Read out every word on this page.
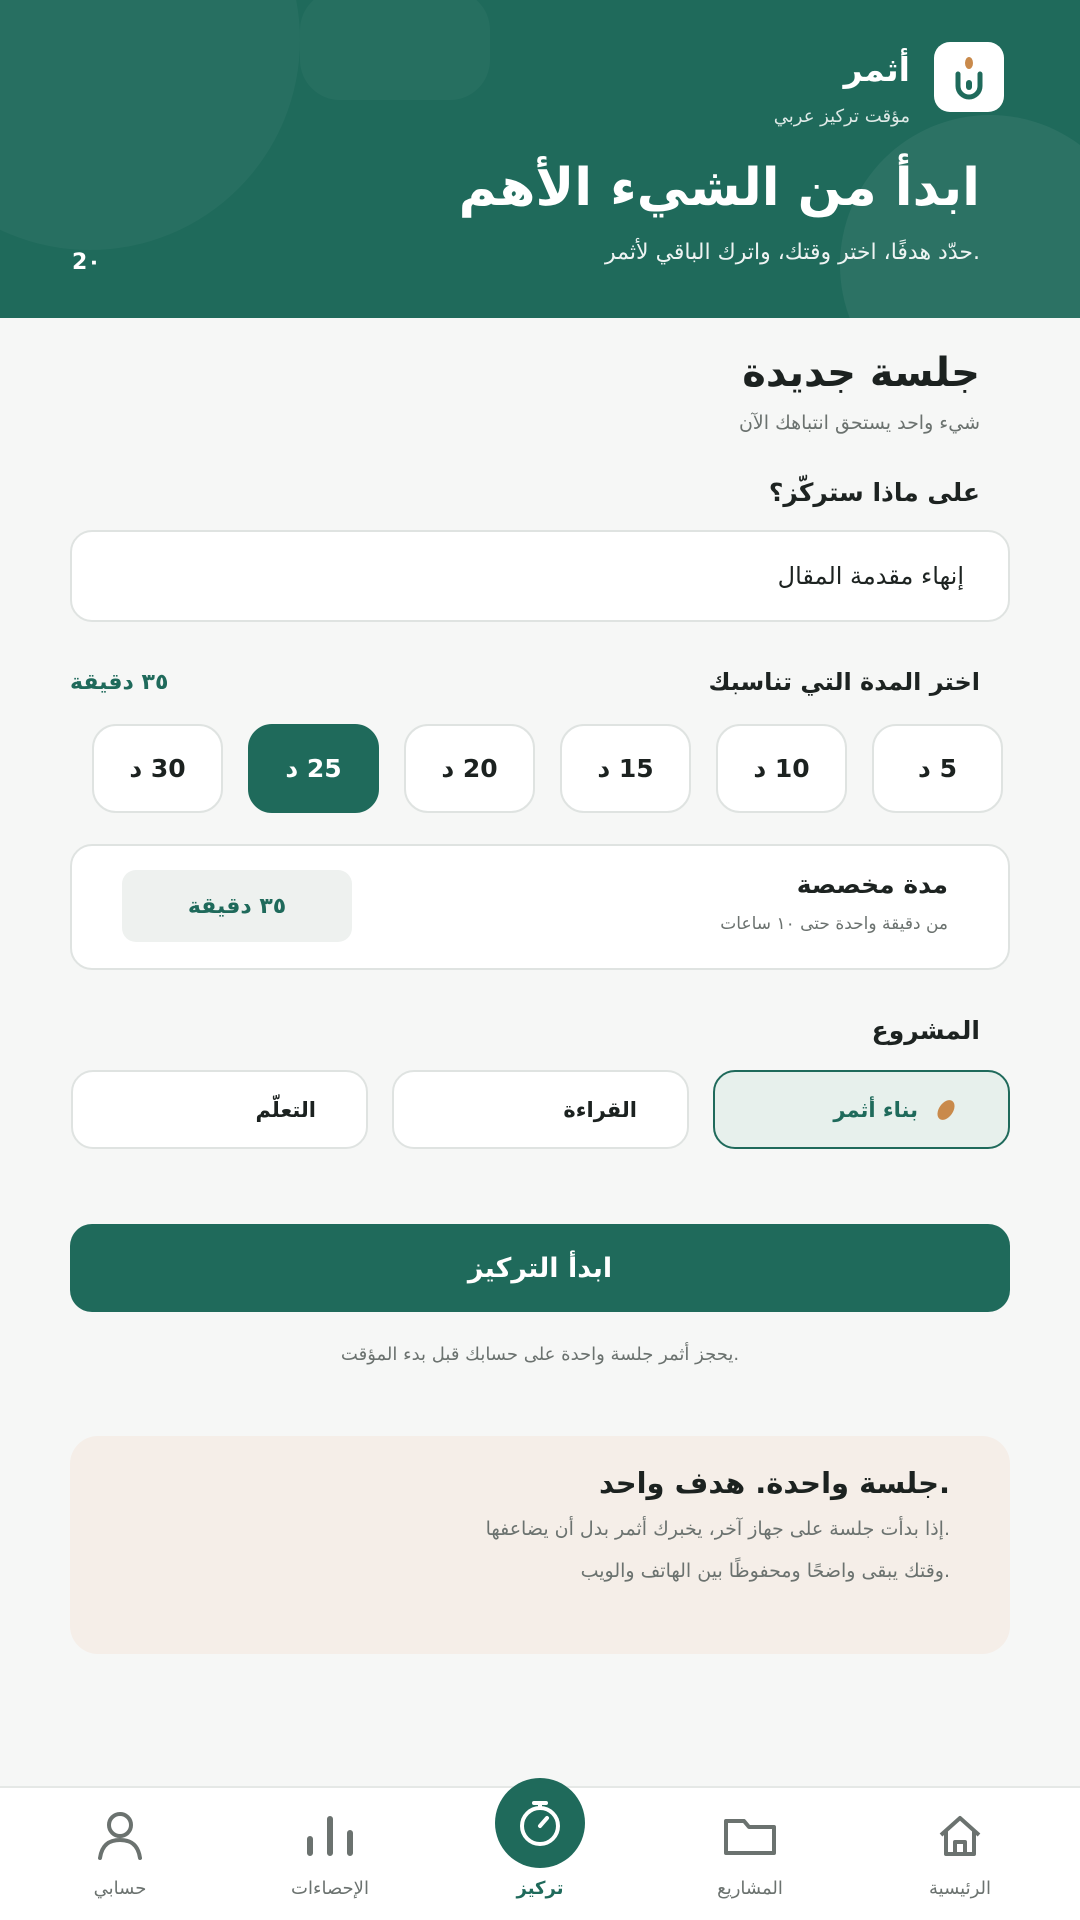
أثمر
مؤقت تركيز عربي
ابدأ من الشيء الأهم
.حدّد هدفًا، اختر وقتك، واترك الباقي لأثمر
2٠
جلسة جديدة
شيء واحد يستحق انتباهك الآن
على ماذا ستركّز؟
إنهاء مقدمة المقال
اختر المدة التي تناسبك
٣٥ دقيقة
5 د
10 د
15 د
20 د
25 د
30 د
مدة مخصصة
من دقيقة واحدة حتى ١٠ ساعات
٣٥ دقيقة
المشروع
بناء أثمر
القراءة
التعلّم
ابدأ التركيز
.يحجز أثمر جلسة واحدة على حسابك قبل بدء المؤقت
.جلسة واحدة. هدف واحد
.إذا بدأت جلسة على جهاز آخر، يخبرك أثمر بدل أن يضاعفها
.وقتك يبقى واضحًا ومحفوظًا بين الهاتف والويب
الرئيسية
المشاريع
تركيز
الإحصاءات
حسابي
